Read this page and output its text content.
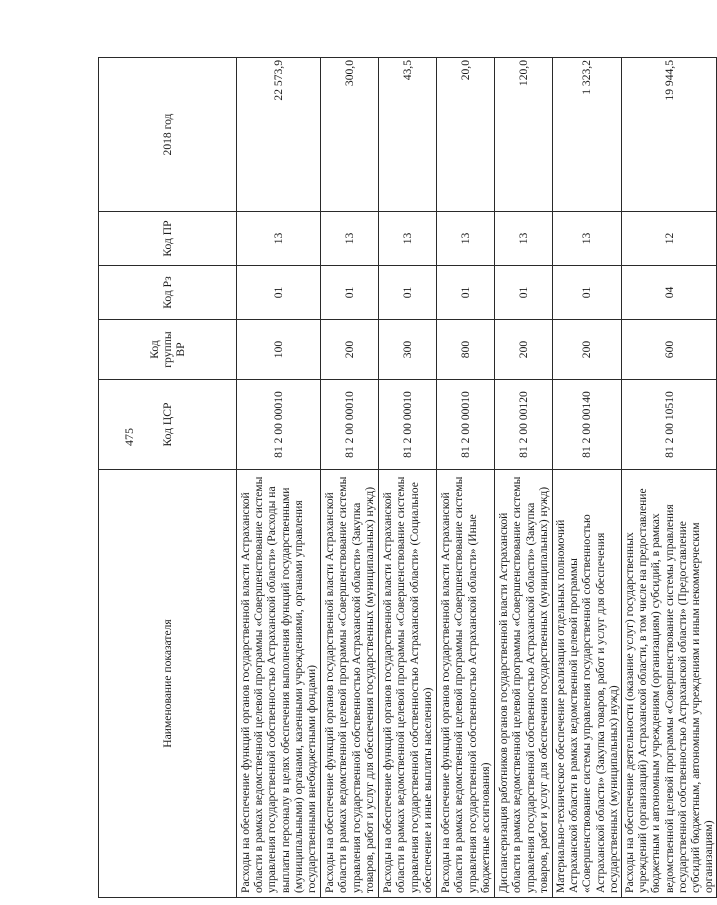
475
Наименование показателя	Код ЦСР	Код группы ВР	Код Рз	Код ПР	2018 год
Расходы на обеспечение функций органов государственной власти Астраханской области в рамках ведомственной целевой программы «Совершенствование системы управления государственной собственностью Астраханской области» (Расходы на выплаты персоналу в целях обеспечения выполнения функций государственными (муниципальными) органами, казенными учреждениями, органами управления государственными внебюджетными фондами)	81 2 00 00010	100	01	13	22 573,9
Расходы на обеспечение функций органов государственной власти Астраханской области в рамках ведомственной целевой программы «Совершенствование системы управления государственной собственностью Астраханской области» (Закупка товаров, работ и услуг для обеспечения государственных (муниципальных) нужд)	81 2 00 00010	200	01	13	300,0
Расходы на обеспечение функций органов государственной власти Астраханской области в рамках ведомственной целевой программы «Совершенствование системы управления государственной собственностью Астраханской области» (Социальное обеспечение и иные выплаты населению)	81 2 00 00010	300	01	13	43,5
Расходы на обеспечение функций органов государственной власти Астраханской области в рамках ведомственной целевой программы «Совершенствование системы управления государственной собственностью Астраханской области» (Иные бюджетные ассигнования)	81 2 00 00010	800	01	13	20,0
Диспансеризация работников органов государственной власти Астраханской области в рамках ведомственной целевой программы «Совершенствование системы управления государственной собственностью Астраханской области» (Закупка товаров, работ и услуг для обеспечения государственных (муниципальных) нужд)	81 2 00 00120	200	01	13	120,0
Материально-техническое обеспечение реализации отдельных полномочий Астраханской области в рамках ведомственной целевой программы «Совершенствование системы управления государственной собственностью Астраханской области» (Закупка товаров, работ и услуг для обеспечения государственных (муниципальных) нужд)	81 2 00 00140	200	01	13	1 323,2
Расходы на обеспечение деятельности (оказание услуг) государственных учреждений (организаций) Астраханской области, в том числе на предоставление бюджетным и автономным учреждениям (организациям) субсидий, в рамках ведомственной целевой программы «Совершенствование системы управления государственной собственностью Астраханской области» (Предоставление субсидий бюджетным, автономным учреждениям и иным некоммерческим организациям)	81 2 00 10510	600	04	12	19 944,5
